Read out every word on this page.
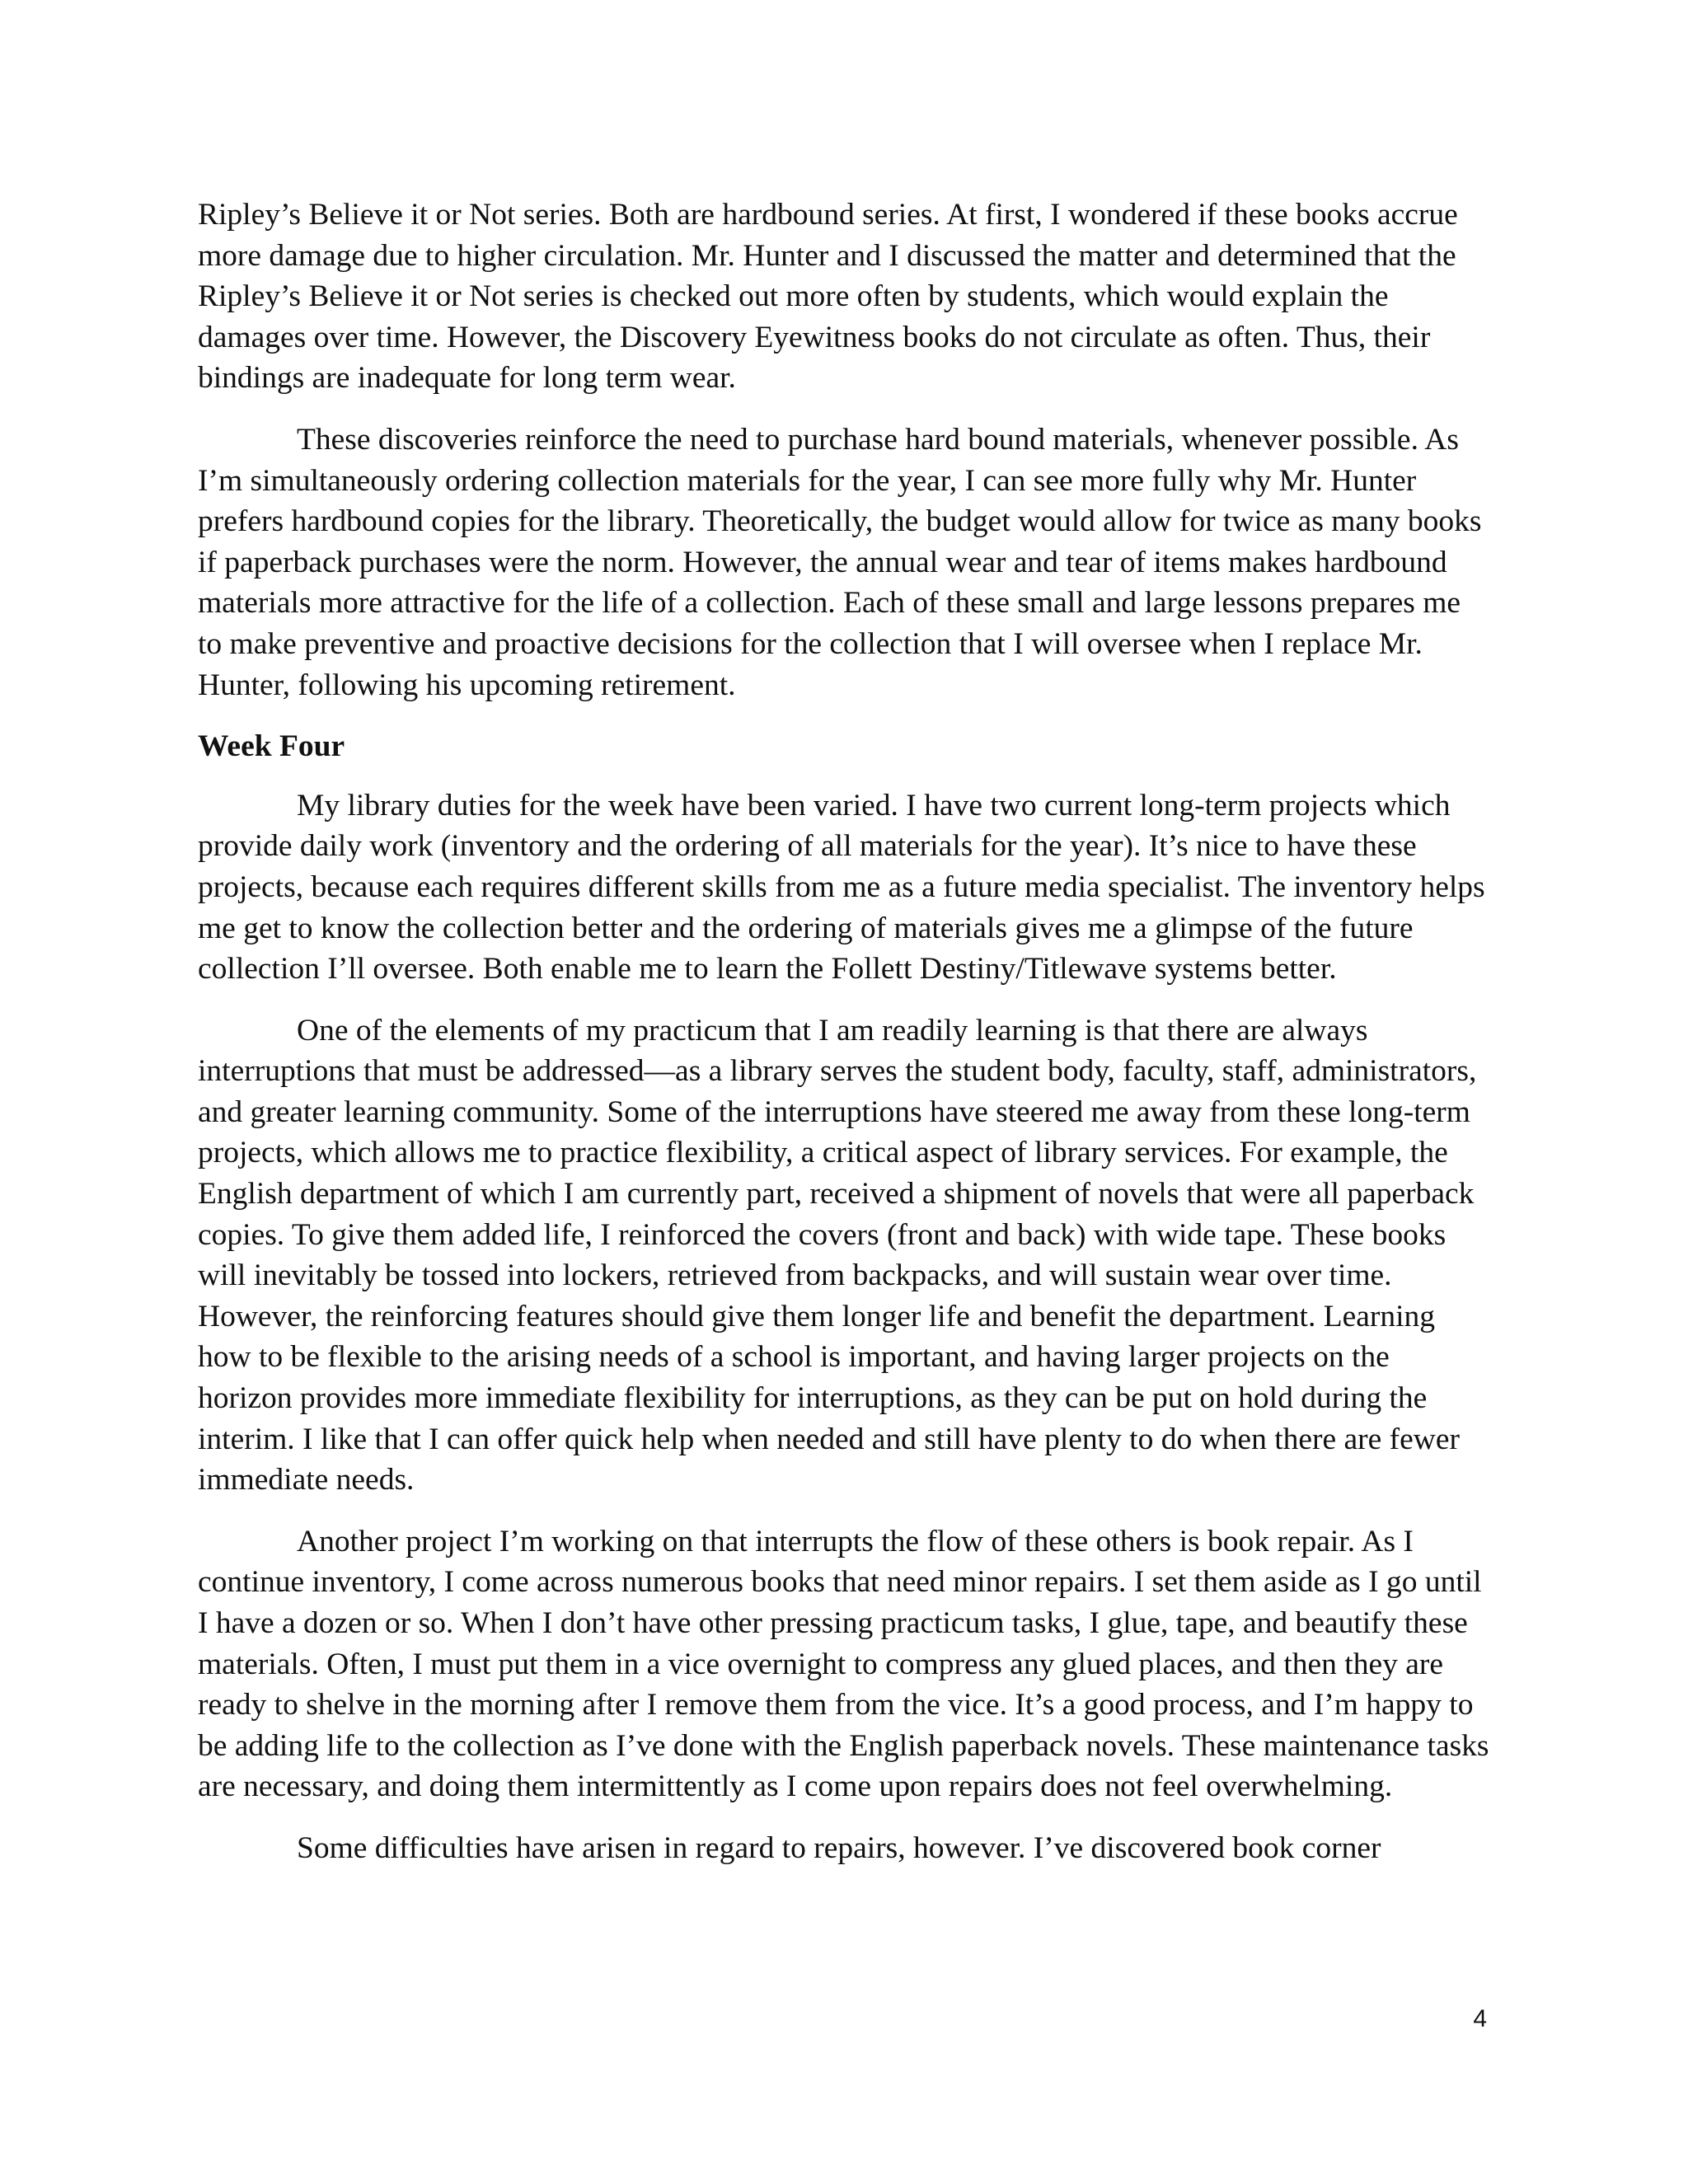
Ripley’s Believe it or Not series. Both are hardbound series. At first, I wondered if these books accrue more damage due to higher circulation. Mr. Hunter and I discussed the matter and determined that the Ripley’s Believe it or Not series is checked out more often by students, which would explain the damages over time. However, the Discovery Eyewitness books do not circulate as often. Thus, their bindings are inadequate for long term wear.

These discoveries reinforce the need to purchase hard bound materials, whenever possible. As I’m simultaneously ordering collection materials for the year, I can see more fully why Mr. Hunter prefers hardbound copies for the library. Theoretically, the budget would allow for twice as many books if paperback purchases were the norm. However, the annual wear and tear of items makes hardbound materials more attractive for the life of a collection. Each of these small and large lessons prepares me to make preventive and proactive decisions for the collection that I will oversee when I replace Mr. Hunter, following his upcoming retirement.

Week Four

My library duties for the week have been varied. I have two current long-term projects which provide daily work (inventory and the ordering of all materials for the year). It’s nice to have these projects, because each requires different skills from me as a future media specialist. The inventory helps me get to know the collection better and the ordering of materials gives me a glimpse of the future collection I’ll oversee. Both enable me to learn the Follett Destiny/Titlewave systems better.

One of the elements of my practicum that I am readily learning is that there are always interruptions that must be addressed—as a library serves the student body, faculty, staff, administrators, and greater learning community. Some of the interruptions have steered me away from these long-term projects, which allows me to practice flexibility, a critical aspect of library services. For example, the English department of which I am currently part, received a shipment of novels that were all paperback copies. To give them added life, I reinforced the covers (front and back) with wide tape. These books will inevitably be tossed into lockers, retrieved from backpacks, and will sustain wear over time. However, the reinforcing features should give them longer life and benefit the department. Learning how to be flexible to the arising needs of a school is important, and having larger projects on the horizon provides more immediate flexibility for interruptions, as they can be put on hold during the interim. I like that I can offer quick help when needed and still have plenty to do when there are fewer immediate needs.

Another project I’m working on that interrupts the flow of these others is book repair. As I continue inventory, I come across numerous books that need minor repairs. I set them aside as I go until I have a dozen or so. When I don’t have other pressing practicum tasks, I glue, tape, and beautify these materials. Often, I must put them in a vice overnight to compress any glued places, and then they are ready to shelve in the morning after I remove them from the vice. It’s a good process, and I’m happy to be adding life to the collection as I’ve done with the English paperback novels. These maintenance tasks are necessary, and doing them intermittently as I come upon repairs does not feel overwhelming.

Some difficulties have arisen in regard to repairs, however. I’ve discovered book corner

4
